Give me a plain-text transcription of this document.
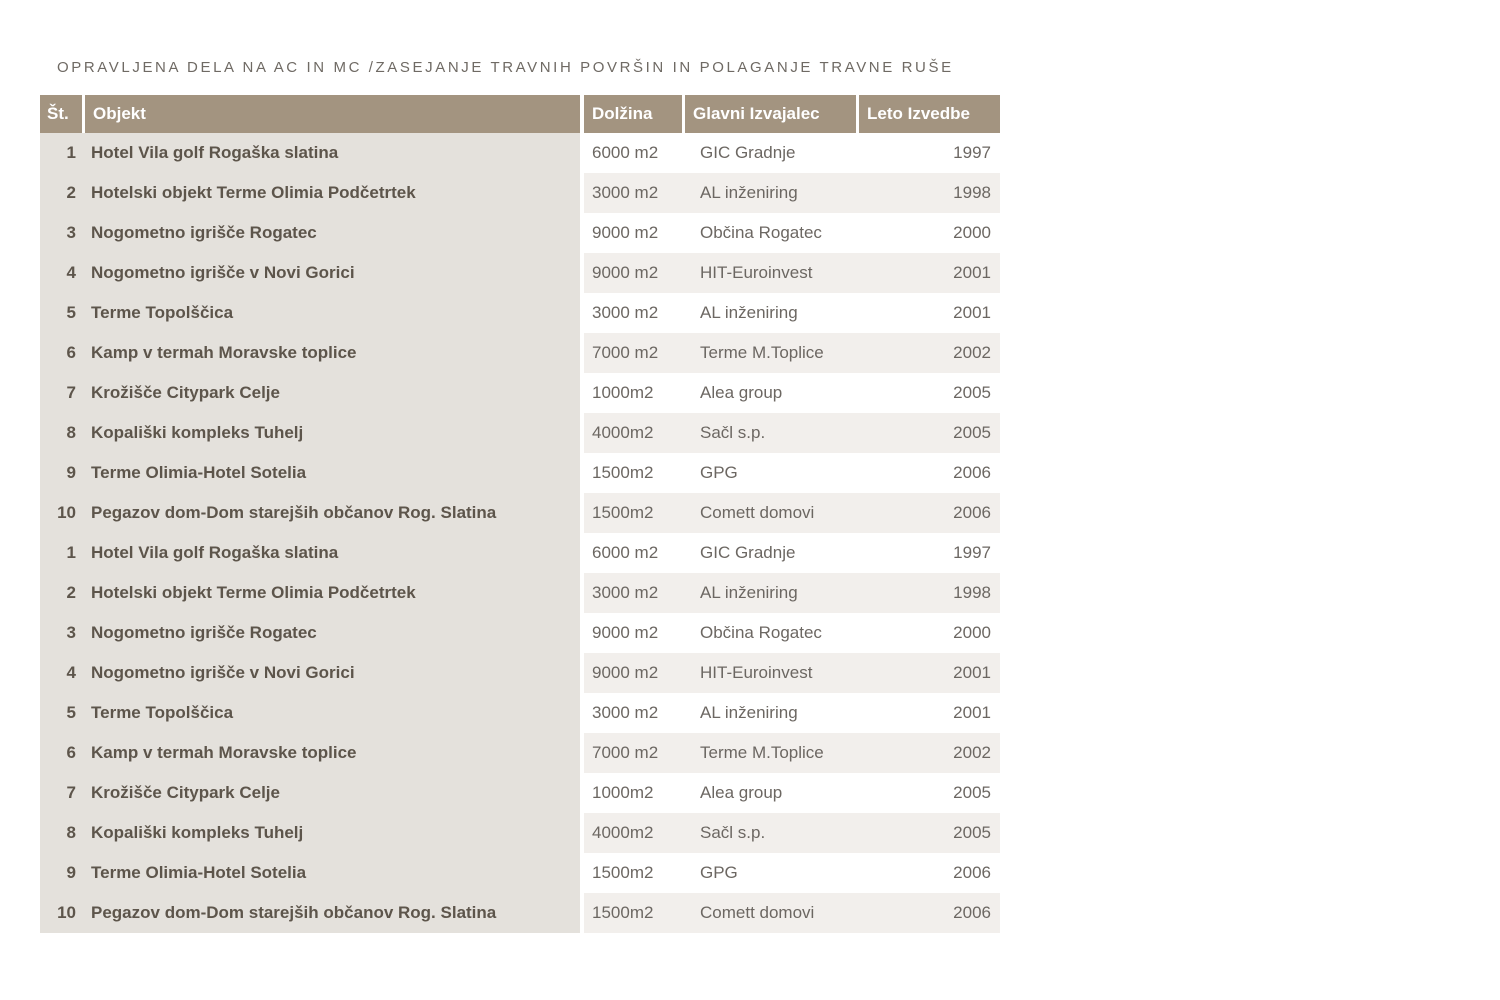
OPRAVLJENA DELA NA AC IN MC /ZASEJANJE TRAVNIH POVRŠIN IN POLAGANJE TRAVNE RUŠE
Št.	Objekt	Dolžina	Glavni Izvajalec	Leto Izvedbe
1 Hotel Vila golf Rogaška slatina	6000 m2	GIC Gradnje	1997
2 Hotelski objekt Terme Olimia Podčetrtek	3000 m2	AL inženiring	1998
3 Nogometno igrišče Rogatec	9000 m2	Občina Rogatec	2000
4 Nogometno igrišče v Novi Gorici	9000 m2	HIT-Euroinvest	2001
5 Terme Topolščica	3000 m2	AL inženiring	2001
6 Kamp v termah Moravske toplice	7000 m2	Terme M.Toplice	2002
7 Krožišče Citypark Celje	1000m2	Alea group	2005
8 Kopališki kompleks Tuhelj	4000m2	Sačl s.p.	2005
9 Terme Olimia-Hotel Sotelia	1500m2	GPG	2006
10 Pegazov dom-Dom starejših občanov Rog. Slatina	1500m2	Comett domovi	2006
1 Hotel Vila golf Rogaška slatina	6000 m2	GIC Gradnje	1997
2 Hotelski objekt Terme Olimia Podčetrtek	3000 m2	AL inženiring	1998
3 Nogometno igrišče Rogatec	9000 m2	Občina Rogatec	2000
4 Nogometno igrišče v Novi Gorici	9000 m2	HIT-Euroinvest	2001
5 Terme Topolščica	3000 m2	AL inženiring	2001
6 Kamp v termah Moravske toplice	7000 m2	Terme M.Toplice	2002
7 Krožišče Citypark Celje	1000m2	Alea group	2005
8 Kopališki kompleks Tuhelj	4000m2	Sačl s.p.	2005
9 Terme Olimia-Hotel Sotelia	1500m2	GPG	2006
10 Pegazov dom-Dom starejših občanov Rog. Slatina	1500m2	Comett domovi	2006
